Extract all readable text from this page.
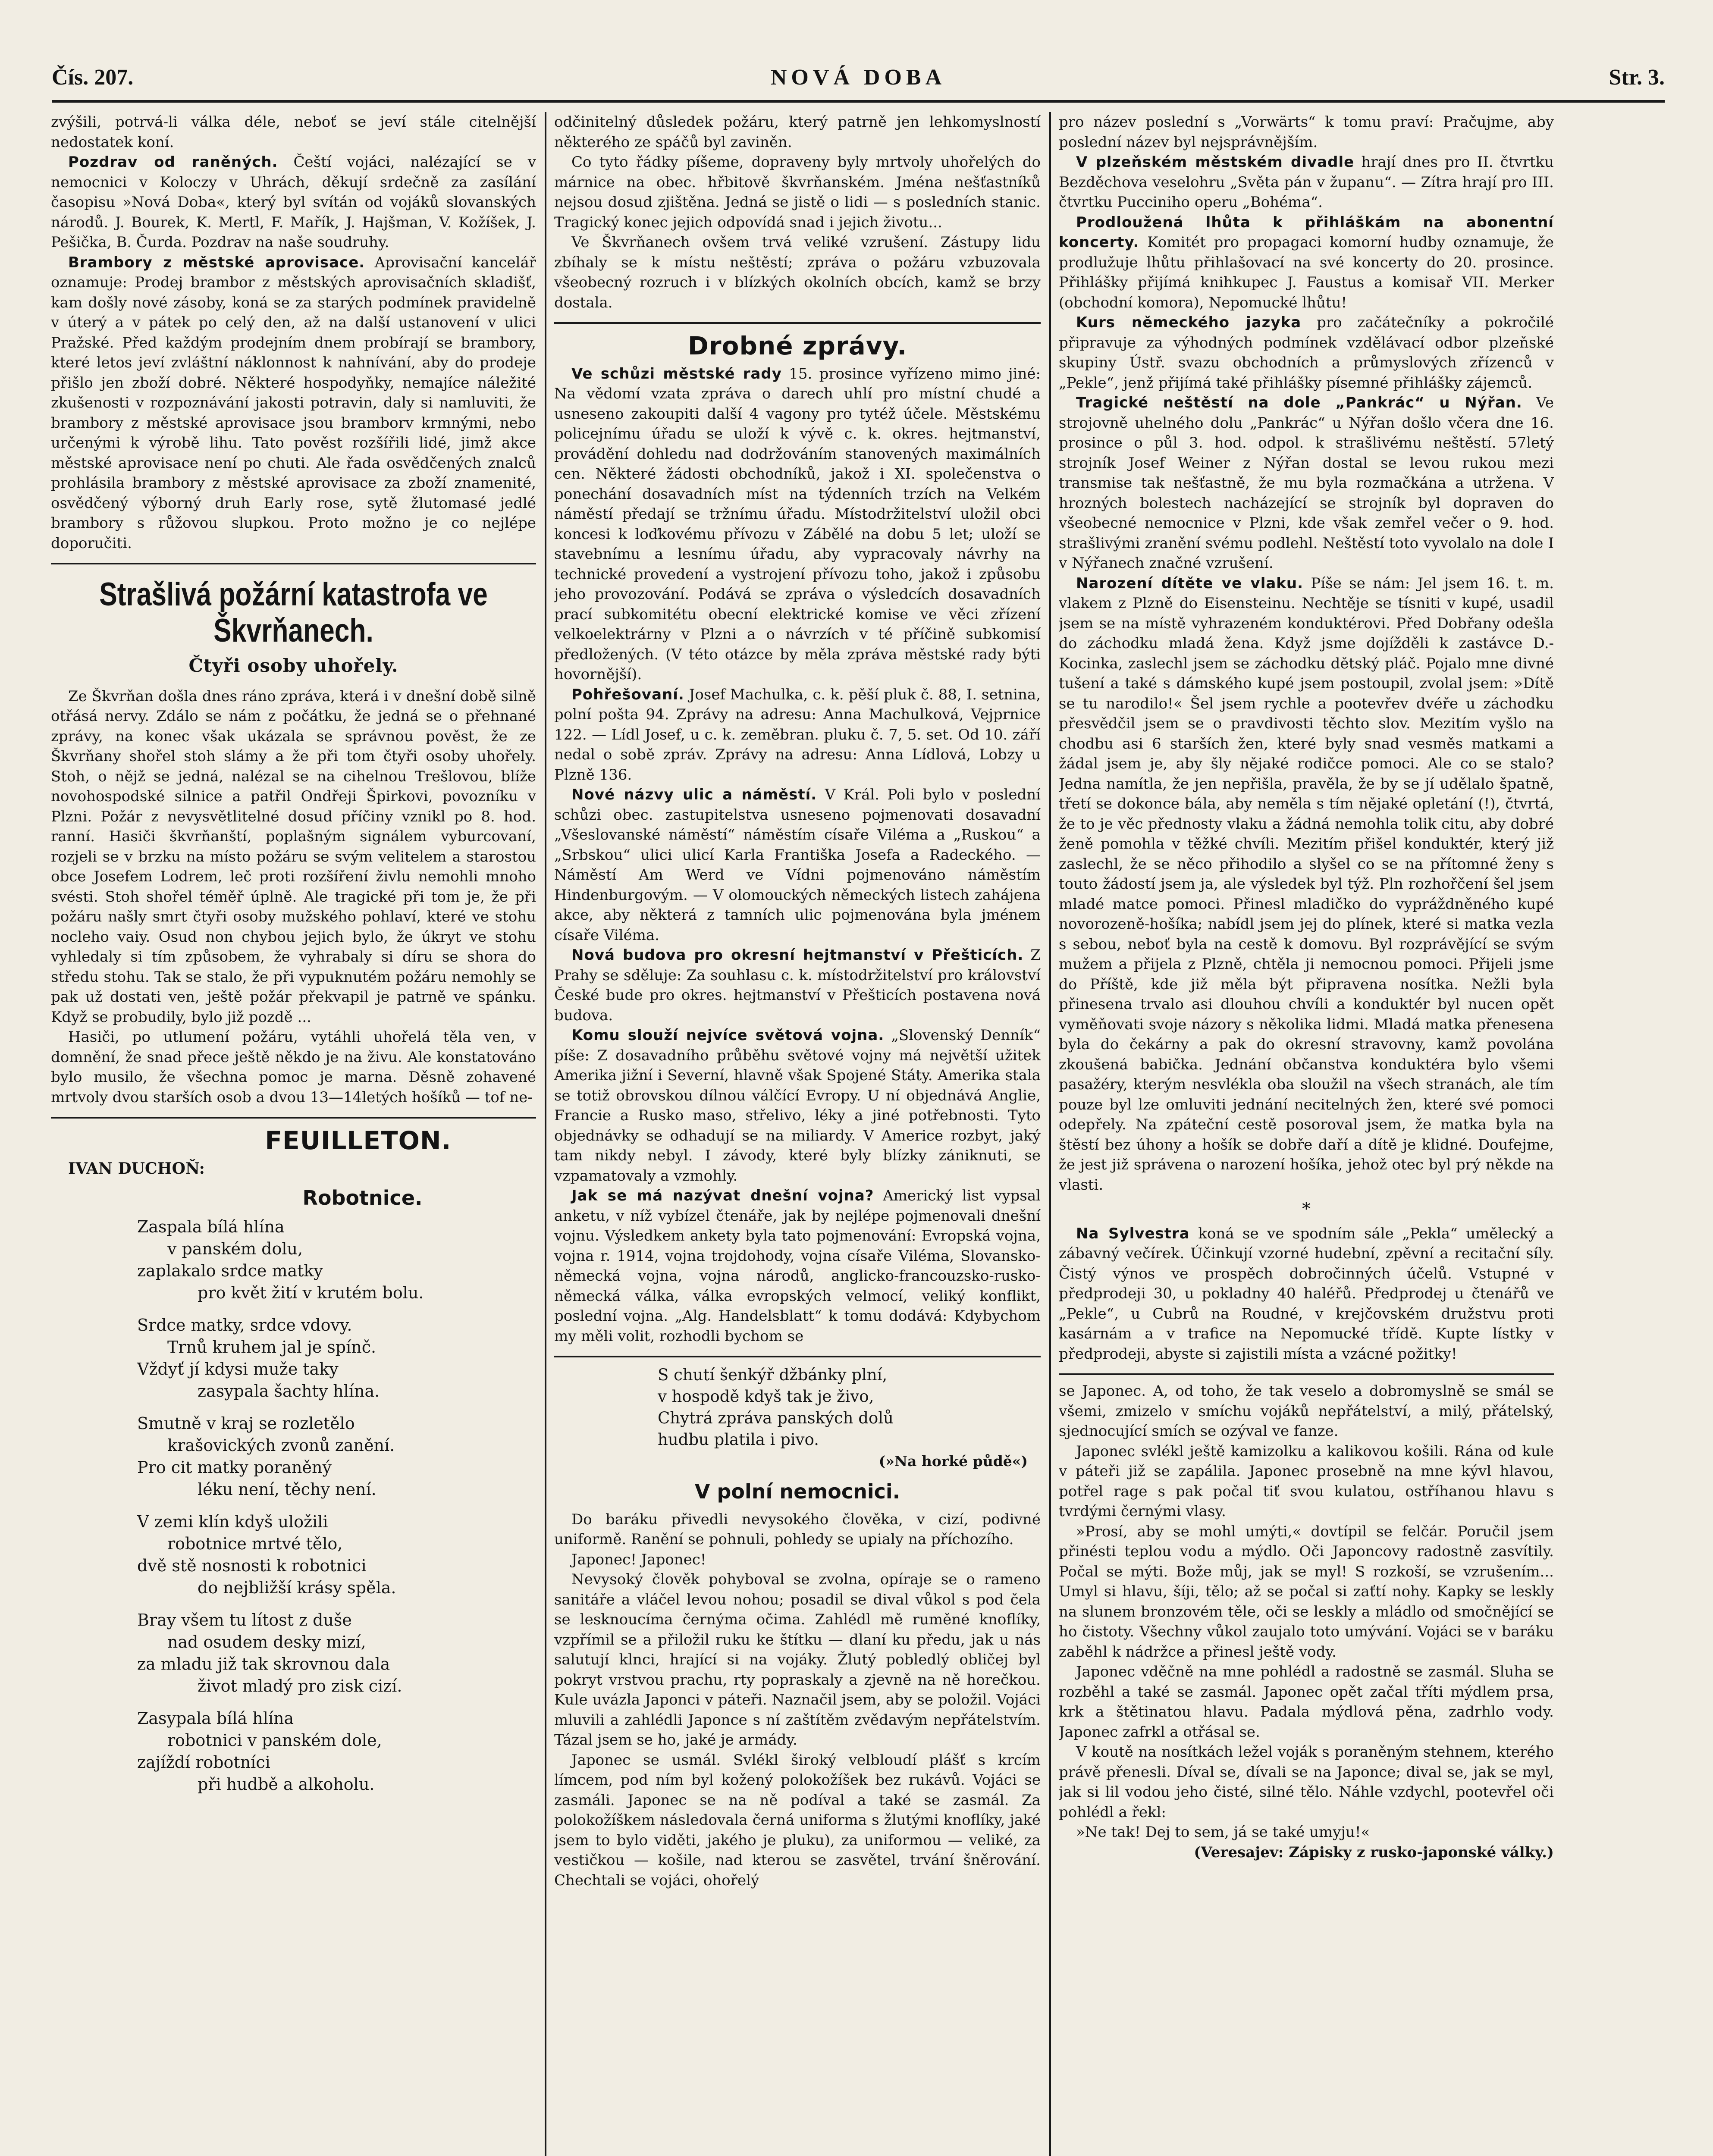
Čís. 207.	NOVÁ DOBA	Str. 3.

zvýšili, potrvá-li válka déle, neboť se jeví stále citelnější nedostatek koní.

Pozdrav od raněných. Čeští vojáci, nalézající se v nemocnici v Koloczy v Uhrách, děkují srdečně za zasílání časopisu »Nová Doba«, který byl svítán od vojáků slovanských národů. J. Bourek, K. Mertl, F. Mařík, J. Hajšman, V. Kožíšek, J. Pešička, B. Čurda. Pozdrav na naše soudruhy.

Brambory z městské aprovisace. Aprovisační kancelář oznamuje: Prodej brambor z městských aprovisačních skladišť, kam došly nové zásoby, koná se za starých podmínek pravidelně v úterý a v pátek po celý den, až na další ustanovení v ulici Pražské. Před každým prodejním dnem probírají se brambory, které letos jeví zvláštní náklonnost k nahnívání, aby do prodeje přišlo jen zboží dobré. Některé hospodyňky, nemajíce náležité zkušenosti v rozpoznávání jakosti potravin, daly si namluviti, že brambory z městské aprovisace jsou bramborv krmnými, nebo určenými k výrobě lihu. Tato pověst rozšířili lidé, jimž akce městské aprovisace není po chuti. Ale řada osvědčených znalců prohlásila brambory z městské aprovisace za zboží znamenité, osvědčený výborný druh Early rose, sytě žlutomasé jedlé brambory s růžovou slupkou. Proto možno je co nejlépe doporučiti.

Strašlivá požární katastrofa ve Škvrňanech.
Čtyři osoby uhořely.

Ze Škvrňan došla dnes ráno zpráva, která i v dnešní době silně otřásá nervy. Zdálo se nám z počátku, že jedná se o přehnané zprávy, na konec však ukázala se správnou pověst, že ze Škvrňany shořel stoh slámy a že při tom čtyři osoby uhořely. Stoh, o nějž se jedná, nalézal se na cihelnou Trešlovou, blíže novohospodské silnice a patřil Ondřeji Špirkovi, povozníku v Plzni. Požár z nevysvětlitelné dosud příčiny vznikl po 8. hod. ranní. Hasiči škvrňanští, poplašným signálem vyburcovaní, rozjeli se v brzku na místo požáru se svým velitelem a starostou obce Josefem Lodrem, leč proti rozšíření živlu nemohli mnoho svésti. Stoh shořel téměř úplně. Ale tragické při tom je, že při požáru našly smrt čtyři osoby mužského pohlaví, které ve stohu nocleho vaiy. Osud non chybou jejich bylo, že úkryt ve stohu vyhledaly si tím způsobem, že vyhrabaly si díru se shora do středu stohu. Tak se stalo, že při vypuknutém požáru nemohly se pak už dostati ven, ještě požár překvapil je patrně ve spánku. Když se probudily, bylo již pozdě ...

Hasiči, po utlumení požáru, vytáhli uhořelá těla ven, v domnění, že snad přece ještě někdo je na živu. Ale konstatováno bylo musilo, že všechna pomoc je marna. Děsně zohavené mrtvoly dvou starších osob a dvou 13—14letých hošíků — tof ne-

FEUILLETON.

IVAN DUCHOŇ:

Robotnice.
Zaspala bílá hlína
v panském dolu,
zaplakalo srdce matky
pro květ žití v krutém bolu.
Srdce matky, srdce vdovy.
Trnů kruhem jal je spínč.
Vždyť jí kdysi muže taky
zasypala šachty hlína.
Smutně v kraj se rozletělo
krašovických zvonů zanění.
Pro cit matky poraněný
léku není, těchy není.
V zemi klín kdyš uložili
robotnice mrtvé tělo,
dvě stě nosnosti k robotnici
do nejbližší krásy spěla.
Bray všem tu lítost z duše
nad osudem desky mizí,
za mladu již tak skrovnou dala
život mladý pro zisk cizí.
Zasypala bílá hlína
robotnici v panském dole,
zajíždí robotníci
při hudbě a alkoholu.

odčinitelný důsledek požáru, který patrně jen lehkomyslností některého ze spáčů byl zaviněn.

Co tyto řádky píšeme, dopraveny byly mrtvoly uhořelých do márnice na obec. hřbitově škvrňanském. Jména nešťastníků nejsou dosud zjištěna. Jedná se jistě o lidi — s posledních stanic. Tragický konec jejich odpovídá snad i jejich životu...

Ve Škvrňanech ovšem trvá veliké vzrušení. Zástupy lidu zbíhaly se k místu neštěstí; zpráva o požáru vzbuzovala všeobecný rozruch i v blízkých okolních obcích, kamž se brzy dostala.

Drobné zprávy.

Ve schůzi městské rady 15. prosince vyřízeno mimo jiné: Na vědomí vzata zpráva o darech uhlí pro místní chudé a usneseno zakoupiti další 4 vagony pro tytéž účele. Městskému policejnímu úřadu se uloží k vývě c. k. okres. hejtmanství, provádění dohledu nad dodržováním stanovených maximálních cen. Některé žádosti obchodníků, jakož i XI. společenstva o ponechání dosavadních míst na týdenních trzích na Velkém náměstí předají se tržnímu úřadu. Místodržitelství uložil obci koncesi k loďkovému přívozu v Zábělé na dobu 5 let; uloží se stavebnímu a lesnímu úřadu, aby vypracovaly návrhy na technické provedení a vystrojení přívozu toho, jakož i způsobu jeho provozování. Podává se zpráva o výsledcích dosavadních prací subkomitétu obecní elektrické komise ve věci zřízení velkoelektrárny v Plzni a o návrzích v té příčině subkomisí předložených. (V této otázce by měla zpráva městské rady býti hovornější).

Pohřešovaní. Josef Machulka, c. k. pěší pluk č. 88, I. setnina, polní pošta 94. Zprávy na adresu: Anna Machulková, Vejprnice 122. — Lídl Josef, u c. k. zeměbran. pluku č. 7, 5. set. Od 10. září nedal o sobě zpráv. Zprávy na adresu: Anna Lídlová, Lobzy u Plzně 136.

Nové názvy ulic a náměstí. V Král. Poli bylo v poslední schůzi obec. zastupitelstva usneseno pojmenovati dosavadní „Všeslovanské náměstí“ náměstím císaře Viléma a „Ruskou“ a „Srbskou“ ulici ulicí Karla Františka Josefa a Radeckého. — Náměstí Am Werd ve Vídni pojmenováno náměstím Hindenburgovým. — V olomouckých německých listech zahájena akce, aby některá z tamních ulic pojmenována byla jménem císaře Viléma.

Nová budova pro okresní hejtmanství v Přešticích. Z Prahy se sděluje: Za souhlasu c. k. místodržitelství pro království České bude pro okres. hejtmanství v Přešticích postavena nová budova.

Komu slouží nejvíce světová vojna. „Slovenský Denník“ píše: Z dosavadního průběhu světové vojny má největší užitek Amerika jižní i Severní, hlavně však Spojené Státy. Amerika stala se totiž obrovskou dílnou válčící Evropy. U ní objednává Anglie, Francie a Rusko maso, střelivo, léky a jiné potřebnosti. Tyto objednávky se odhadují se na miliardy. V Americe rozbyt, jaký tam nikdy nebyl. I závody, které byly blízky zániknuti, se vzpamatovaly a vzmohly.

Jak se má nazývat dnešní vojna? Americký list vypsal anketu, v níž vybízel čtenáře, jak by nejlépe pojmenovali dnešní vojnu. Výsledkem ankety byla tato pojmenování: Evropská vojna, vojna r. 1914, vojna trojdohody, vojna císaře Viléma, Slovansko-německá vojna, vojna národů, anglicko-francouzsko-rusko-německá válka, válka evropských velmocí, veliký konflikt, poslední vojna. „Alg. Handelsblatt“ k tomu dodává: Kdybychom my měli volit, rozhodli bychom se

S chutí šenkýř džbánky plní,
v hospodě kdyš tak je živo,
Chytrá zpráva panských dolů
hudbu platila i pivo.
(»Na horké půdě«)
V polní nemocnici.

Do baráku přivedli nevysokého člověka, v cizí, podivné uniformě. Ranění se pohnuli, pohledy se upialy na příchozího.

Japonec! Japonec!

Nevysoký člověk pohyboval se zvolna, opíraje se o rameno sanitáře a vláčel levou nohou; posadil se dival vůkol s pod čela se lesknoucíma černýma očima. Zahlédl mě ruměné knoflíky, vzpřímil se a přiložil ruku ke štítku — dlaní ku předu, jak u nás salutují klnci, hrající si na vojáky. Žlutý pobledlý obličej byl pokryt vrstvou prachu, rty popraskaly a zjevně na ně horečkou. Kule uvázla Japonci v páteři. Naznačil jsem, aby se položil. Vojáci mluvili a zahlédli Japonce s ní zaštítěm zvědavým nepřátelstvím. Tázal jsem se ho, jaké je armády.

Japonec se usmál. Svlékl široký velbloudí plášť s krcím límcem, pod ním byl kožený polokožíšek bez rukávů. Vojáci se zasmáli. Japonec se na ně podíval a také se zasmál. Za polokožíškem následovala černá uniforma s žlutými knoflíky, jaké jsem to bylo viděti, jakého je pluku), za uniformou — veliké, za vestičkou — košile, nad kterou se zasvětel, trvání šněrování. Chechtali se vojáci, ohořelý

pro název poslední s „Vorwärts“ k tomu praví: Pračujme, aby poslední název byl nejsprávnějším.

V plzeňském městském divadle hrají dnes pro II. čtvrtku Bezděchova veselohru „Světa pán v županu“. — Zítra hrají pro III. čtvrtku Pucciniho operu „Bohéma“.

Prodloužená lhůta k přihláškám na abonentní koncerty. Komitét pro propagaci komorní hudby oznamuje, že prodlužuje lhůtu přihlašovací na své koncerty do 20. prosince. Přihlášky přijímá knihkupec J. Faustus a komisař VII. Merker (obchodní komora), Nepomucké lhůtu!

Kurs německého jazyka pro začátečníky a pokročilé připravuje za výhodných podmínek vzdělávací odbor plzeňské skupiny Ústř. svazu obchodních a průmyslových zřízenců v „Pekle“, jenž přijímá také přihlášky písemné přihlášky zájemců.

Tragické neštěstí na dole „Pankrác“ u Nýřan. Ve strojovně uhelného dolu „Pankrác“ u Nýřan došlo včera dne 16. prosince o půl 3. hod. odpol. k strašlivému neštěstí. 57letý strojník Josef Weiner z Nýřan dostal se levou rukou mezi transmise tak nešťastně, že mu byla rozmačkána a utržena. V hrozných bolestech nacházející se strojník byl dopraven do všeobecné nemocnice v Plzni, kde však zemřel večer o 9. hod. strašlivými zranění svému podlehl. Neštěstí toto vyvolalo na dole I v Nýřanech značné vzrušení.

Narození dítěte ve vlaku. Píše se nám: Jel jsem 16. t. m. vlakem z Plzně do Eisensteinu. Nechtěje se tísniti v kupé, usadil jsem se na místě vyhrazeném konduktérovi. Před Dobřany odešla do záchodku mladá žena. Když jsme dojížděli k zastávce D.-Kocinka, zaslechl jsem se záchodku dětský pláč. Pojalo mne divné tušení a také s dámského kupé jsem postoupil, zvolal jsem: »Dítě se tu narodilo!« Šel jsem rychle a pootevřev dvéře u záchodku přesvědčil jsem se o pravdivosti těchto slov. Mezitím vyšlo na chodbu asi 6 starších žen, které byly snad vesměs matkami a žádal jsem je, aby šly nějaké rodičce pomoci. Ale co se stalo? Jedna namítla, že jen nepřišla, pravěla, že by se jí udělalo špatně, třetí se dokonce bála, aby neměla s tím nějaké opletání (!), čtvrtá, že to je věc přednosty vlaku a žádná nemohla tolik citu, aby dobré ženě pomohla v těžké chvíli. Mezitím přišel konduktér, který již zaslechl, že se něco přihodilo a slyšel co se na přítomné ženy s touto žádostí jsem ja, ale výsledek byl týž. Pln rozhořčení šel jsem mladé matce pomoci. Přinesl mladičko do vypráždněného kupé novorozeně-hošíka; nabídl jsem jej do plínek, které si matka vezla s sebou, neboť byla na cestě k domovu. Byl rozprávějící se svým mužem a přijela z Plzně, chtěla ji nemocnou pomoci. Přijeli jsme do Příště, kde již měla být připravena nosítka. Nežli byla přinesena trvalo asi dlouhou chvíli a konduktér byl nucen opět vyměňovati svoje názory s několika lidmi. Mladá matka přenesena byla do čekárny a pak do okresní stravovny, kamž povolána zkoušená babička. Jednání občanstva konduktéra bylo všemi pasažéry, kterým nesvlékla oba sloužil na všech stranách, ale tím pouze byl lze omluviti jednání necitelných žen, které své pomoci odepřely. Na zpáteční cestě posoroval jsem, že matka byla na štěstí bez úhony a hošík se dobře daří a dítě je klidné. Doufejme, že jest již správena o narození hošíka, jehož otec byl prý někde na vlasti.

*

Na Sylvestra koná se ve spodním sále „Pekla“ umělecký a zábavný večírek. Účinkují vzorné hudební, zpěvní a recitační síly. Čistý výnos ve prospěch dobročinných účelů. Vstupné v předprodeji 30, u pokladny 40 haléřů. Předprodej u čtenářů ve „Pekle“, u Cubrů na Roudné, v krejčovském družstvu proti kasárnám a v trafice na Nepomucké třídě. Kupte lístky v předprodeji, abyste si zajistili místa a vzácné požitky!

se Japonec. A, od toho, že tak veselo a dobromyslně se smál se všemi, zmizelo v smíchu vojáků nepřátelství, a milý, přátelský, sjednocující smích se ozýval ve fanze.

Japonec svlékl ještě kamizolku a kalikovou košili. Rána od kule v páteři již se zapálila. Japonec prosebně na mne kývl hlavou, potřel rage s pak počal tiť svou kulatou, ostříhanou hlavu s tvrdými černými vlasy.

»Prosí, aby se mohl umýti,« dovtípil se felčár. Poručil jsem přinésti teplou vodu a mýdlo. Oči Japoncovy radostně zasvítily. Počal se mýti. Bože můj, jak se myl! S rozkoší, se vzrušením... Umyl si hlavu, šíji, tělo; až se počal si zaťtí nohy. Kapky se leskly na slunem bronzovém těle, oči se leskly a mládlo od smočnějící se ho čistoty. Všechny vůkol zaujalo toto umývání. Vojáci se v baráku zaběhl k nádržce a přinesl ještě vody.

Japonec vděčně na mne pohlédl a radostně se zasmál. Sluha se rozběhl a také se zasmál. Japonec opět začal tříti mýdlem prsa, krk a štětinatou hlavu. Padala mýdlová pěna, zadrhlo vody. Japonec zafrkl a otřásal se.

V koutě na nosítkách ležel voják s poraněným stehnem, kterého právě přenesli. Díval se, dívali se na Japonce; dival se, jak se myl, jak si lil vodou jeho čisté, silné tělo. Náhle vzdychl, pootevřel oči pohlédl a řekl:

»Ne tak! Dej to sem, já se také umyju!«

(Veresajev: Zápisky z rusko-japonské války.)
